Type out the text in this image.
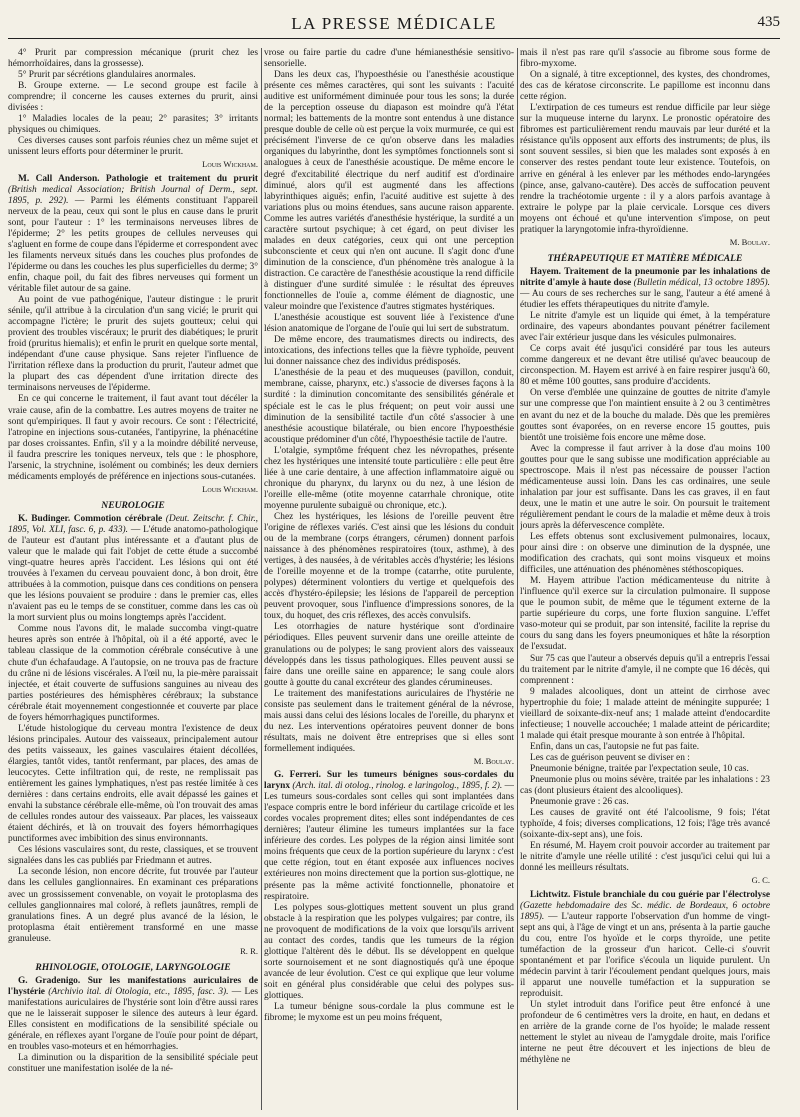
LA PRESSE MÉDICALE	435

4° Prurit par compression mécanique (prurit chez les hémorrhoïdaires, dans la grossesse).

5° Prurit par sécrétions glandulaires anormales.

B. Groupe externe. — Le second groupe est facile à comprendre; il concerne les causes externes du prurit, ainsi divisées :

1° Maladies locales de la peau; 2° parasites; 3° irritants physiques ou chimiques.

Ces diverses causes sont parfois réunies chez un même sujet et unissent leurs efforts pour déterminer le prurit.

Louis Wickham.

M. Call Anderson. Pathologie et traitement du prurit (British medical Association; British Journal of Derm., sept. 1895, p. 292). — Parmi les éléments constituant l'appareil nerveux de la peau, ceux qui sont le plus en cause dans le prurit sont, pour l'auteur : 1° les terminaisons nerveuses libres de l'épiderme; 2° les petits groupes de cellules nerveuses qui s'agluent en forme de coupe dans l'épiderme et correspondent avec les filaments nerveux situés dans les couches plus profondes de l'épiderme ou dans les couches les plus superficielles du derme; 3° enfin, chaque poil, du fait des fibres nerveuses qui forment un véritable filet autour de sa gaine.

Au point de vue pathogénique, l'auteur distingue : le prurit sénile, qu'il attribue à la circulation d'un sang vicié; le prurit qui accompagne l'ictère; le prurit des sujets goutteux; celui qui provient des troubles viscéraux; le prurit des diabétiques; le prurit froid (pruritus hiemalis); et enfin le prurit en quelque sorte mental, indépendant d'une cause physique. Sans rejeter l'influence de l'irritation réflexe dans la production du prurit, l'auteur admet que la plupart des cas dépendent d'une irritation directe des terminaisons nerveuses de l'épiderme.

En ce qui concerne le traitement, il faut avant tout décéler la vraie cause, afin de la combattre. Les autres moyens de traiter ne sont qu'empiriques. Il faut y avoir recours. Ce sont : l'électricité, l'atropine en injections sous-cutanées, l'antipyrine, la phénacétine par doses croissantes. Enfin, s'il y a la moindre débilité nerveuse, il faudra prescrire les toniques nerveux, tels que : le phosphore, l'arsenic, la strychnine, isolément ou combinés; les deux derniers médicaments employés de préférence en injections sous-cutanées.

Louis Wickham.
NEUROLOGIE

K. Budinger. Commotion cérébrale (Deut. Zeitschr. f. Chir., 1895, Vol. XLI, fasc. 6, p. 433). — L'étude anatomo-pathologique de l'auteur est d'autant plus intéressante et a d'autant plus de valeur que le malade qui fait l'objet de cette étude a succombé vingt-quatre heures après l'accident. Les lésions qui ont été trouvées à l'examen du cerveau pouvaient donc, à bon droit, être attribuées à la commotion, puisque dans ces conditions on pensera que les lésions pouvaient se produire : dans le premier cas, elles n'avaient pas eu le temps de se constituer, comme dans les cas où la mort survient plus ou moins longtemps après l'accident.

Comme nous l'avons dit, le malade succomba vingt-quatre heures après son entrée à l'hôpital, où il a été apporté, avec le tableau classique de la commotion cérébrale consécutive à une chute d'un échafaudage. A l'autopsie, on ne trouva pas de fracture du crâne ni de lésions viscérales. A l'œil nu, la pie-mère paraissait injectée, et était couverte de suffusions sanguines au niveau des parties postérieures des hémisphères cérébraux; la substance cérébrale était moyennement congestionnée et couverte par place de foyers hémorrhagiques punctiformes.

L'étude histologique du cerveau montra l'existence de deux lésions principales. Autour des vaisseaux, principalement autour des petits vaisseaux, les gaines vasculaires étaient décollées, élargies, tantôt vides, tantôt renfermant, par places, des amas de leucocytes. Cette infiltration qui, de reste, ne remplissait pas entièrement les gaines lymphatiques, n'est pas restée limitée à ces dernières : dans certains endroits, elle avait dépassé les gaines et envahi la substance cérébrale elle-même, où l'on trouvait des amas de cellules rondes autour des vaisseaux. Par places, les vaisseaux étaient déchirés, et là on trouvait des foyers hémorrhagiques punctiformes avec imbibition des sinus environnants.

Ces lésions vasculaires sont, du reste, classiques, et se trouvent signalées dans les cas publiés par Friedmann et autres.

La seconde lésion, non encore décrite, fut trouvée par l'auteur dans les cellules ganglionnaires. En examinant ces préparations avec un grossissement convenable, on voyait le protoplasma des cellules ganglionnaires mal coloré, à reflets jaunâtres, rempli de granulations fines. A un degré plus avancé de la lésion, le protoplasma était entièrement transformé en une masse granuleuse.

R. R.
RHINOLOGIE, OTOLOGIE, LARYNGOLOGIE

G. Gradenigo. Sur les manifestations auriculaires de l'hystérie (Archivio ital. di Otologia, etc., 1895, fasc. 3). — Les manifestations auriculaires de l'hystérie sont loin d'être aussi rares que ne le laisserait supposer le silence des auteurs à leur égard. Elles consistent en modifications de la sensibilité spéciale ou générale, en réflexes ayant l'organe de l'ouïe pour point de départ, en troubles vaso-moteurs et en hémorrhagies.

La diminution ou la disparition de la sensibilité spéciale peut constituer une manifestation isolée de la né-

vrose ou faire partie du cadre d'une hémianesthésie sensitivo-sensorielle.

Dans les deux cas, l'hypoesthésie ou l'anesthésie acoustique présente ces mêmes caractères, qui sont les suivants : l'acuité auditive est uniformément diminuée pour tous les sons; la durée de la perception osseuse du diapason est moindre qu'à l'état normal; les battements de la montre sont entendus à une distance presque double de celle où est perçue la voix murmurée, ce qui est précisément l'inverse de ce qu'on observe dans les maladies organiques du labyrinthe, dont les symptômes fonctionnels sont si analogues à ceux de l'anesthésie acoustique. De même encore le degré d'excitabilité électrique du nerf auditif est d'ordinaire diminué, alors qu'il est augmenté dans les affections labyrinthiques aiguës; enfin, l'acuité auditive est sujette à des variations plus ou moins étendues, sans aucune raison apparente. Comme les autres variétés d'anesthésie hystérique, la surdité a un caractère surtout psychique; à cet égard, on peut diviser les malades en deux catégories, ceux qui ont une perception subconsciente et ceux qui n'en ont aucune. Il s'agit donc d'une diminution de la conscience, d'un phénomène très analogue à la distraction. Ce caractère de l'anesthésie acoustique la rend difficile à distinguer d'une surdité simulée : le résultat des épreuves fonctionnelles de l'ouïe a, comme élément de diagnostic, une valeur moindre que l'existence d'autres stigmates hystériques.

L'anesthésie acoustique est souvent liée à l'existence d'une lésion anatomique de l'organe de l'ouïe qui lui sert de substratum.

De même encore, des traumatismes directs ou indirects, des intoxications, des infections telles que la fièvre typhoïde, peuvent lui donner naissance chez des individus prédisposés.

L'anesthésie de la peau et des muqueuses (pavillon, conduit, membrane, caisse, pharynx, etc.) s'associe de diverses façons à la surdité : la diminution concomitante des sensibilités générale et spéciale est le cas le plus fréquent; on peut voir aussi une diminution de la sensibilité tactile d'un côté s'associer à une anesthésie acoustique bilatérale, ou bien encore l'hypoesthésie acoustique prédominer d'un côté, l'hypoesthésie tactile de l'autre.

L'otalgie, symptôme fréquent chez les névropathes, présente chez les hystériques une intensité toute particulière : elle peut être liée à une carie dentaire, à une affection inflammatoire aiguë ou chronique du pharynx, du larynx ou du nez, à une lésion de l'oreille elle-même (otite moyenne catarrhale chronique, otite moyenne purulente subaiguë ou chronique, etc.).

Chez les hystériques, les lésions de l'oreille peuvent être l'origine de réflexes variés. C'est ainsi que les lésions du conduit ou de la membrane (corps étrangers, cérumen) donnent parfois naissance à des phénomènes respiratoires (toux, asthme), à des vertiges, à des nausées, à de véritables accès d'hystérie; les lésions de l'oreille moyenne et de la trompe (catarrhe, otite purulente, polypes) déterminent volontiers du vertige et quelquefois des accès d'hystéro-épilepsie; les lésions de l'appareil de perception peuvent provoquer, sous l'influence d'impressions sonores, de la toux, du hoquet, des cris réflexes, des accès convulsifs.

Les otorrhagies de nature hystérique sont d'ordinaire périodiques. Elles peuvent survenir dans une oreille atteinte de granulations ou de polypes; le sang provient alors des vaisseaux développés dans les tissus pathologiques. Elles peuvent aussi se faire dans une oreille saine en apparence; le sang coule alors goutte à goutte du canal excréteur des glandes cérumineuses.

Le traitement des manifestations auriculaires de l'hystérie ne consiste pas seulement dans le traitement général de la névrose, mais aussi dans celui des lésions locales de l'oreille, du pharynx et du nez. Les interventions opératoires peuvent donner de bons résultats, mais ne doivent être entreprises que si elles sont formellement indiquées.

M. Boulay.

G. Ferreri. Sur les tumeurs bénignes sous-cordales du larynx (Arch. ital. di otolog., rinolog. e laringolog., 1895, f. 2). — Les tumeurs sous-cordales sont celles qui sont implantées dans l'espace compris entre le bord inférieur du cartilage cricoïde et les cordes vocales proprement dites; elles sont indépendantes de ces dernières; l'auteur élimine les tumeurs implantées sur la face inférieure des cordes. Les polypes de la région ainsi limitée sont moins fréquents que ceux de la portion supérieure du larynx : c'est que cette région, tout en étant exposée aux influences nocives extérieures non moins directement que la portion sus-glottique, ne présente pas la même activité fonctionnelle, phonatoire et respiratoire.

Les polypes sous-glottiques mettent souvent un plus grand obstacle à la respiration que les polypes vulgaires; par contre, ils ne provoquent de modifications de la voix que lorsqu'ils arrivent au contact des cordes, tandis que les tumeurs de la région glottique l'altèrent dès le début. Ils se développent en quelque sorte sournoisement et ne sont diagnostiqués qu'à une époque avancée de leur évolution. C'est ce qui explique que leur volume soit en général plus considérable que celui des polypes sus-glottiques.

La tumeur bénigne sous-cordale la plus commune est le fibrome; le myxome est un peu moins fréquent,

mais il n'est pas rare qu'il s'associe au fibrome sous forme de fibro-myxome.

On a signalé, à titre exceptionnel, des kystes, des chondromes, des cas de kératose circonscrite. Le papillome est inconnu dans cette région.

L'extirpation de ces tumeurs est rendue difficile par leur siège sur la muqueuse interne du larynx. Le pronostic opératoire des fibromes est particulièrement rendu mauvais par leur durété et la résistance qu'ils opposent aux efforts des instruments; de plus, ils sont souvent sessiles, si bien que les malades sont exposés à en conserver des restes pendant toute leur existence. Toutefois, on arrive en général à les enlever par les méthodes endo-laryngées (pince, anse, galvano-cautère). Des accès de suffocation peuvent rendre la trachéotomie urgente : il y a alors parfois avantage à extraire le polype par la plaie cervicale. Lorsque ces divers moyens ont échoué et qu'une intervention s'impose, on peut pratiquer la laryngotomie infra-thyroïdienne.

M. Boulay.
THÉRAPEUTIQUE ET MATIÈRE MÉDICALE

Hayem. Traitement de la pneumonie par les inhalations de nitrite d'amyle à haute dose (Bulletin médical, 13 octobre 1895). — Au cours de ses recherches sur le sang, l'auteur a été amené à étudier les effets thérapeutiques du nitrite d'amyle.

Le nitrite d'amyle est un liquide qui émet, à la température ordinaire, des vapeurs abondantes pouvant pénétrer facilement avec l'air extérieur jusque dans les vésicules pulmonaires.

Ce corps avait été jusqu'ici considéré par tous les auteurs comme dangereux et ne devant être utilisé qu'avec beaucoup de circonspection. M. Hayem est arrivé à en faire respirer jusqu'à 60, 80 et même 100 gouttes, sans produire d'accidents.

On verse d'emblée une quinzaine de gouttes de nitrite d'amyle sur une compresse que l'on maintient ensuite à 2 ou 3 centimètres en avant du nez et de la bouche du malade. Dès que les premières gouttes sont évaporées, on en reverse encore 15 gouttes, puis bientôt une troisième fois encore une même dose.

Avec la compresse il faut arriver à la dose d'au moins 100 gouttes pour que le sang subisse une modification appréciable au spectroscope. Mais il n'est pas nécessaire de pousser l'action médicamenteuse aussi loin. Dans les cas ordinaires, une seule inhalation par jour est suffisante. Dans les cas graves, il en faut deux, une le matin et une autre le soir. On poursuit le traitement régulièrement pendant le cours de la maladie et même deux à trois jours après la défervescence complète.

Les effets obtenus sont exclusivement pulmonaires, locaux, pour ainsi dire : on observe une diminution de la dyspnée, une modification des crachats, qui sont moins visqueux et moins difficiles, une atténuation des phénomènes stéthoscopiques.

M. Hayem attribue l'action médicamenteuse du nitrite à l'influence qu'il exerce sur la circulation pulmonaire. Il suppose que le poumon subit, de même que le tégument externe de la partie supérieure du corps, une forte fluxion sanguine. L'effet vaso-moteur qui se produit, par son intensité, facilite la reprise du cours du sang dans les foyers pneumoniques et hâte la résorption de l'exsudat.

Sur 75 cas que l'auteur a observés depuis qu'il a entrepris l'essai du traitement par le nitrite d'amyle, il ne compte que 16 décès, qui comprennent :

9 malades alcooliques, dont un atteint de cirrhose avec hypertrophie du foie; 1 malade atteint de méningite suppurée; 1 vieillard de soixante-dix-neuf ans; 1 malade atteint d'endocardite infectieuse; 1 nouvelle accouchée; 1 malade atteint de péricardite; 1 malade qui était presque mourante à son entrée à l'hôpital.

Enfin, dans un cas, l'autopsie ne fut pas faite.

Les cas de guérison peuvent se diviser en :

Pneumonie bénigne, traitée par l'expectation seule, 10 cas.

Pneumonie plus ou moins sévère, traitée par les inhalations : 23 cas (dont plusieurs étaient des alcooliques).

Pneumonie grave : 26 cas.

Les causes de gravité ont été l'alcoolisme, 9 fois; l'état typhoïde, 4 fois; diverses complications, 12 fois; l'âge très avancé (soixante-dix-sept ans), une fois.

En résumé, M. Hayem croit pouvoir accorder au traitement par le nitrite d'amyle une réelle utilité : c'est jusqu'ici celui qui lui a donné les meilleurs résultats.

G. C.

Lichtwitz. Fistule branchiale du cou guérie par l'électrolyse (Gazette hebdomadaire des Sc. médic. de Bordeaux, 6 octobre 1895). — L'auteur rapporte l'observation d'un homme de vingt-sept ans qui, à l'âge de vingt et un ans, présenta à la partie gauche du cou, entre l'os hyoïde et le corps thyroïde, une petite tuméfaction de la grosseur d'un haricot. Celle-ci s'ouvrit spontanément et par l'orifice s'écoula un liquide purulent. Un médecin parvint à tarir l'écoulement pendant quelques jours, mais il apparut une nouvelle tuméfaction et la suppuration se reproduisit.

Un stylet introduit dans l'orifice peut être enfoncé à une profondeur de 6 centimètres vers la droite, en haut, en dedans et en arrière de la grande corne de l'os hyoïde; le malade ressent nettement le stylet au niveau de l'amygdale droite, mais l'orifice interne ne peut être découvert et les injections de bleu de méthylène ne
